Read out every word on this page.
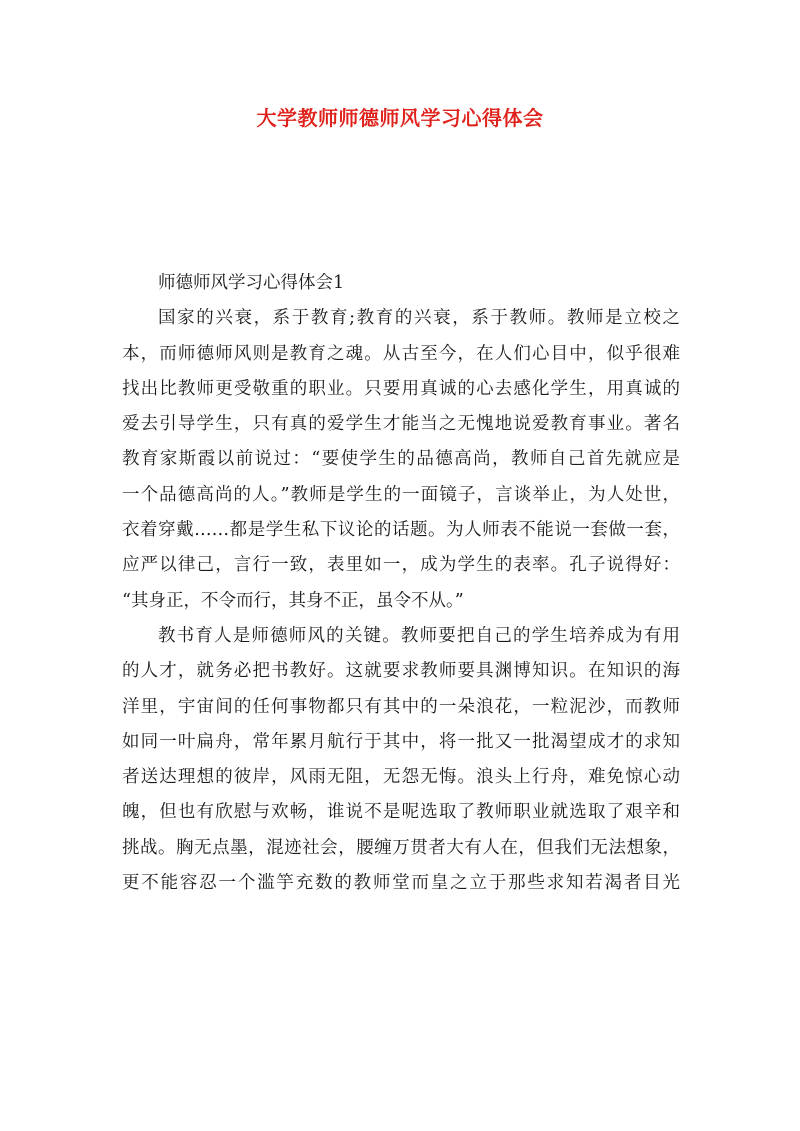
大学教师师德师风学习心得体会
师德师风学习心得体会1
国家的兴衰，系于教育;教育的兴衰，系于教师。教师是立校之
本，而师德师风则是教育之魂。从古至今，在人们心目中，似乎很难
找出比教师更受敬重的职业。只要用真诚的心去感化学生，用真诚的
爱去引导学生，只有真的爱学生才能当之无愧地说爱教育事业。著名
教育家斯霞以前说过：“要使学生的品德高尚，教师自己首先就应是
一个品德高尚的人。”教师是学生的一面镜子，言谈举止，为人处世，
衣着穿戴……都是学生私下议论的话题。为人师表不能说一套做一套，
应严以律己，言行一致，表里如一，成为学生的表率。孔子说得好：
“其身正，不令而行，其身不正，虽令不从。”
教书育人是师德师风的关键。教师要把自己的学生培养成为有用
的人才，就务必把书教好。这就要求教师要具渊博知识。在知识的海
洋里，宇宙间的任何事物都只有其中的一朵浪花，一粒泥沙，而教师
如同一叶扁舟，常年累月航行于其中，将一批又一批渴望成才的求知
者送达理想的彼岸，风雨无阻，无怨无悔。浪头上行舟，难免惊心动
魄，但也有欣慰与欢畅，谁说不是呢选取了教师职业就选取了艰辛和
挑战。胸无点墨，混迹社会，腰缠万贯者大有人在，但我们无法想象，
更不能容忍一个滥竽充数的教师堂而皇之立于那些求知若渴者目光
